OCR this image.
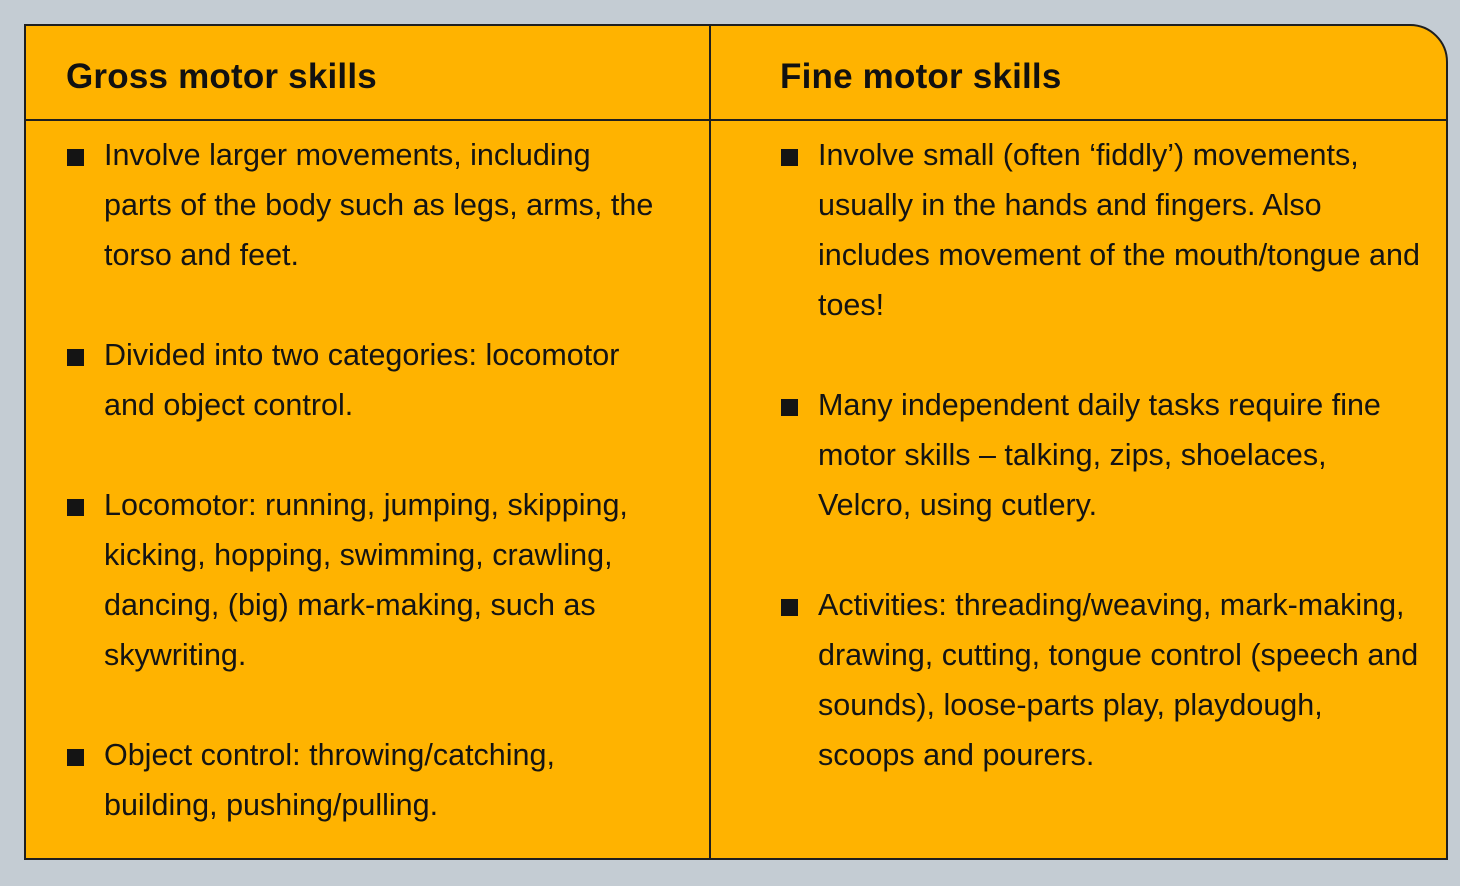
Gross motor skills	Fine motor skills
Involve larger movements, including parts of the body such as legs, arms, the torso and feet.
Divided into two categories: locomotor and object control.
Locomotor: running, jumping, skipping, kicking, hopping, swimming, crawling, dancing, (big) mark-making, such as skywriting.
Object control: throwing/catching, building, pushing/pulling.
Involve small (often ‘fiddly’) movements, usually in the hands and fingers. Also includes movement of the mouth/tongue and toes!
Many independent daily tasks require fine motor skills – talking, zips, shoelaces, Velcro, using cutlery.
Activities: threading/weaving, mark-making, drawing, cutting, tongue control (speech and sounds), loose-parts play, playdough, scoops and pourers.
